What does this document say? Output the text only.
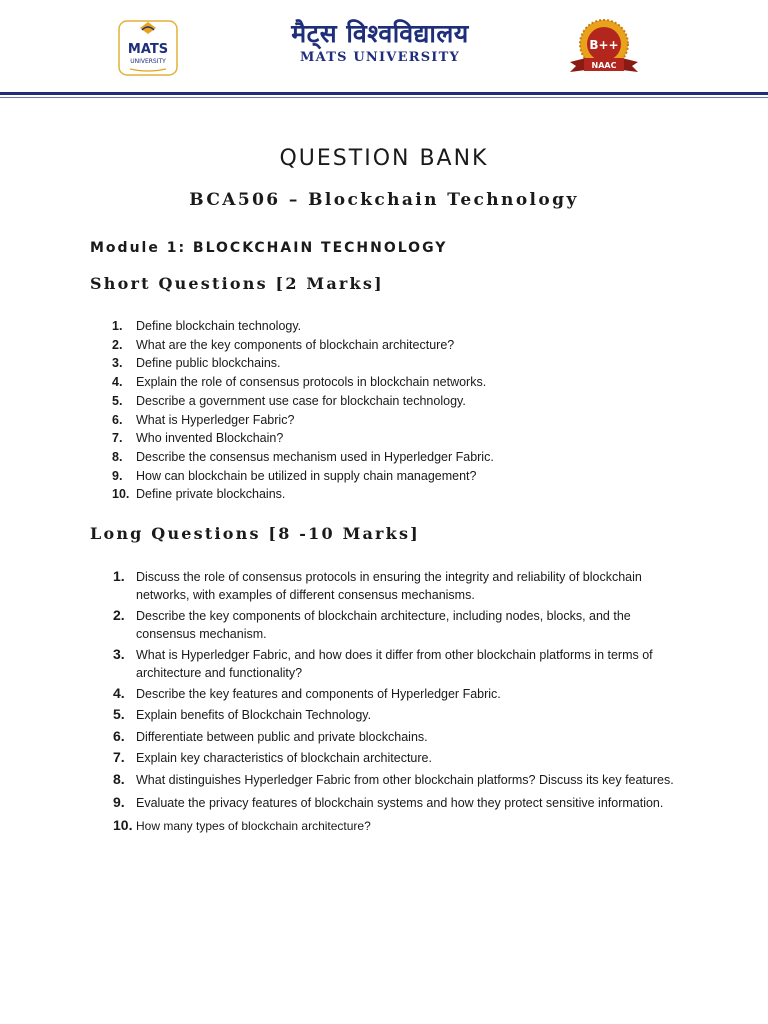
MATS
UNIVERSITY
मैट्स विश्वविद्यालय
MATS UNIVERSITY
B++
NAAC
QUESTION BANK
BCA506 – Blockchain Technology
Module 1: BLOCKCHAIN TECHNOLOGY
Short Questions [2 Marks]
1. Define blockchain technology.
2. What are the key components of blockchain architecture?
3. Define public blockchains.
4. Explain the role of consensus protocols in blockchain networks.
5. Describe a government use case for blockchain technology.
6. What is Hyperledger Fabric?
7. Who invented Blockchain?
8. Describe the consensus mechanism used in Hyperledger Fabric.
9. How can blockchain be utilized in supply chain management?
10. Define private blockchains.
Long Questions [8 -10 Marks]
1. Discuss the role of consensus protocols in ensuring the integrity and reliability of blockchain networks, with examples of different consensus mechanisms.
2. Describe the key components of blockchain architecture, including nodes, blocks, and the consensus mechanism.
3. What is Hyperledger Fabric, and how does it differ from other blockchain platforms in terms of architecture and functionality?
4. Describe the key features and components of Hyperledger Fabric.
5. Explain benefits of Blockchain Technology.
6. Differentiate between public and private blockchains.
7. Explain key characteristics of blockchain architecture.
8. What distinguishes Hyperledger Fabric from other blockchain platforms? Discuss its key features.
9. Evaluate the privacy features of blockchain systems and how they protect sensitive information.
10. How many types of blockchain architecture?
